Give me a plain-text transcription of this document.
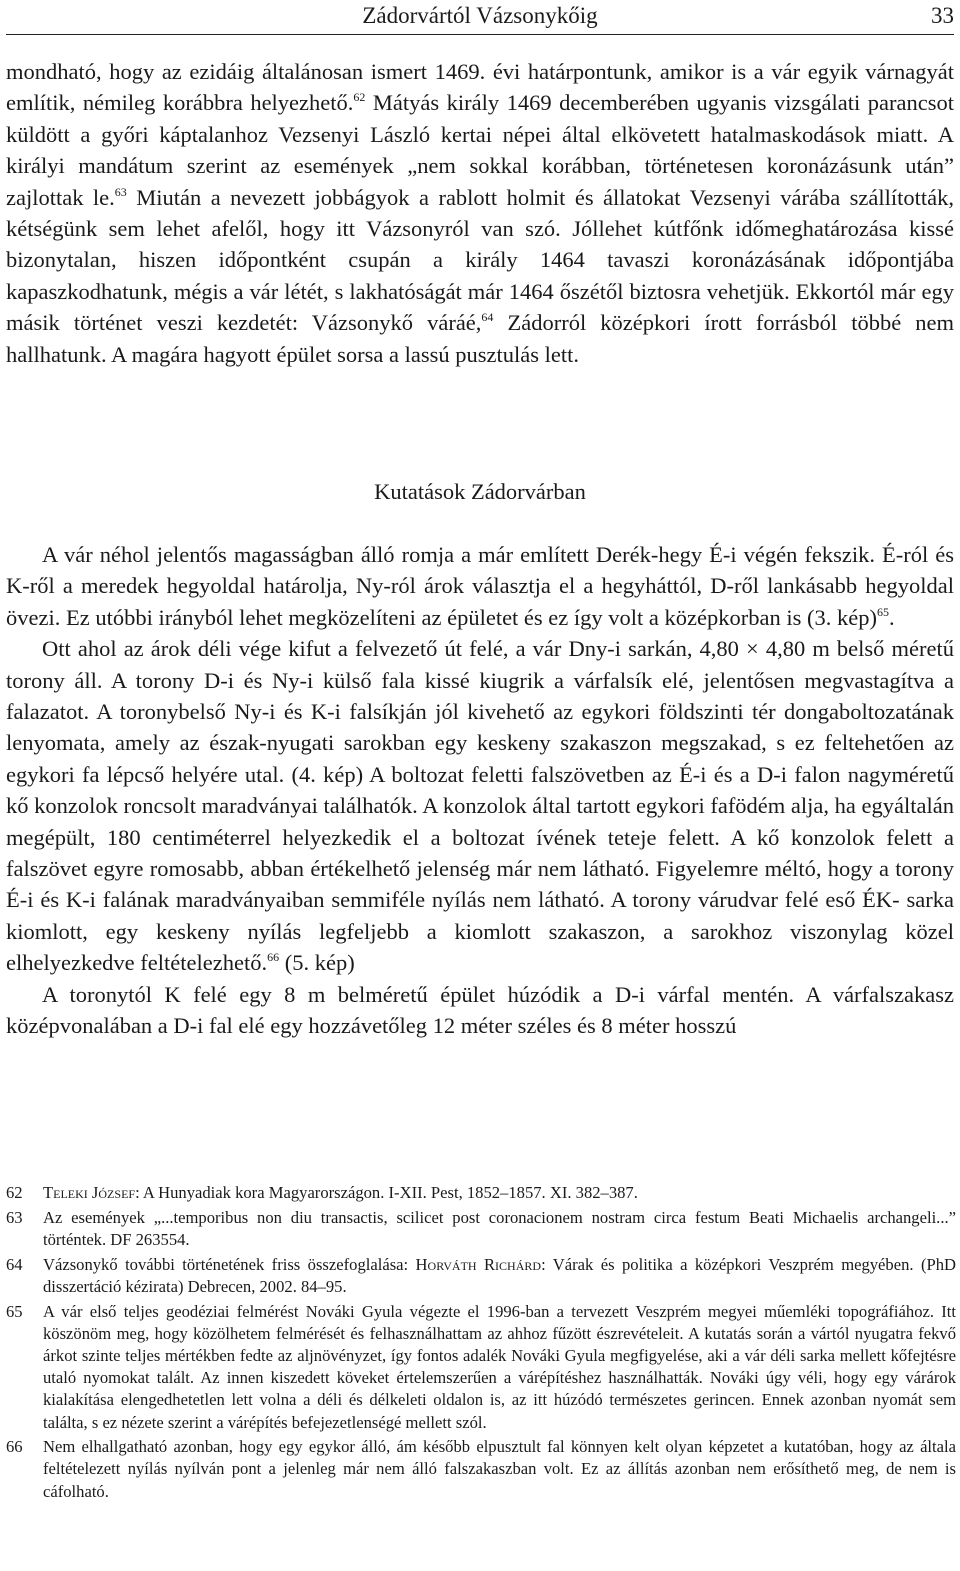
Zádorvártól Vázsonykőig	33

mondható, hogy az ezidáig általánosan ismert 1469. évi határpontunk, amikor is a vár egyik várnagyát említik, némileg korábbra helyezhető.$^{62}$ Mátyás király 1469 decemberében ugyanis vizsgálati parancsot küldött a győri káptalanhoz Vezsenyi László kertai népei által elkövetett hatalmaskodások miatt. A királyi mandátum szerint az események „nem sokkal korábban, történetesen koronázásunk után” zajlottak le.$^{63}$ Miután a nevezett jobbágyok a rablott holmit és állatokat Vezsenyi várába szállították, kétségünk sem lehet afelől, hogy itt Vázsonyról van szó. Jóllehet kútfőnk időmeghatározása kissé bizonytalan, hiszen időpontként csupán a király 1464 tavaszi koronázásának időpontjába kapaszkodhatunk, mégis a vár létét, s lakhatóságát már 1464 őszétől biztosra vehetjük. Ekkortól már egy másik történet veszi kezdetét: Vázsonykő váráé,$^{64}$ Zádorról középkori írott forrásból többé nem hallhatunk. A magára hagyott épület sorsa a lassú pusztulás lett.

Kutatások Zádorvárban

A vár néhol jelentős magasságban álló romja a már említett Derék-hegy É-i végén fekszik. É-ról és K-ről a meredek hegyoldal határolja, Ny-ról árok választja el a hegyháttól, D-ről lankásabb hegyoldal övezi. Ez utóbbi irányból lehet megközelíteni az épületet és ez így volt a középkorban is (3. kép)$^{65}$.

Ott ahol az árok déli vége kifut a felvezető út felé, a vár Dny-i sarkán, 4,80 × 4,80 m belső méretű torony áll. A torony D-i és Ny-i külső fala kissé kiugrik a várfalsík elé, jelentősen megvastagítva a falazatot. A toronybelső Ny-i és K-i falsíkján jól kivehető az egykori földszinti tér dongaboltozatának lenyomata, amely az észak-nyugati sarokban egy keskeny szakaszon megszakad, s ez feltehetően az egykori fa lépcső helyére utal. (4. kép) A boltozat feletti falszövetben az É-i és a D-i falon nagyméretű kő konzolok roncsolt maradványai találhatók. A konzolok által tartott egykori faföd​ém alja, ha egyáltalán megépült, 180 centiméterrel helyezkedik el a boltozat ívének teteje felett. A kő konzolok felett a falszövet egyre romosabb, abban értékelhető jelenség már nem látható. Figyelemre méltó, hogy a torony É-i és K-i falának maradványaiban semmiféle nyílás nem látható. A torony várudvar felé eső ÉK- sarka kiomlott, egy keskeny nyílás legfeljebb a kiomlott szakaszon, a sarokhoz viszonylag közel elhelyezkedve feltételezhető.$^{66}$ (5. kép)

A toronytól K felé egy 8 m belméretű épület húzódik a D-i várfal mentén. A várfalszakasz középvonalában a D-i fal elé egy hozzávetőleg 12 méter széles és 8 méter hosszú

62 Teleki József: A Hunyadiak kora Magyarországon. I-XII. Pest, 1852–1857. XI. 382–387.
63 Az események „...temporibus non diu transactis, scilicet post coronacionem nostram circa festum Beati Michaelis archangeli...” történtek. DF 263554.
64 Vázsonykő további történetének friss összefoglalása: Horváth Richárd: Várak és politika a középkori Veszprém megyében. (PhD disszertáció kézirata) Debrecen, 2002. 84–95.
65 A vár első teljes geodéziai felmérést Nováki Gyula végezte el 1996-ban a tervezett Veszprém megyei műemléki topográfiához. Itt köszönöm meg, hogy közölhetem felmérését és felhasználhattam az ahhoz fűzött észrevételeit. A kutatás során a vártól nyugatra fekvő árkot szinte teljes mértékben fedte az aljnövényzet, így fontos adalék Nováki Gyula megfigyelése, aki a vár déli sarka mellett kőfejtésre utaló nyomokat talált. Az innen kiszedett köveket értelemszerűen a várépítéshez használhatták. Nováki úgy véli, hogy egy várárok kialakítása elengedhetetlen lett volna a déli és délkeleti oldalon is, az itt húzódó természetes gerincen. Ennek azonban nyomát sem találta, s ez nézete szerint a várépítés befejezetlenségé mellett szól.
66 Nem elhallgatható azonban, hogy egy egykor álló, ám később elpusztult fal könnyen kelt olyan képzetet a kutatóban, hogy az általa feltételezett nyílás nyílván pont a jelenleg már nem álló falszakaszban volt. Ez az állítás azonban nem erősíthető meg, de nem is cáfolható.
